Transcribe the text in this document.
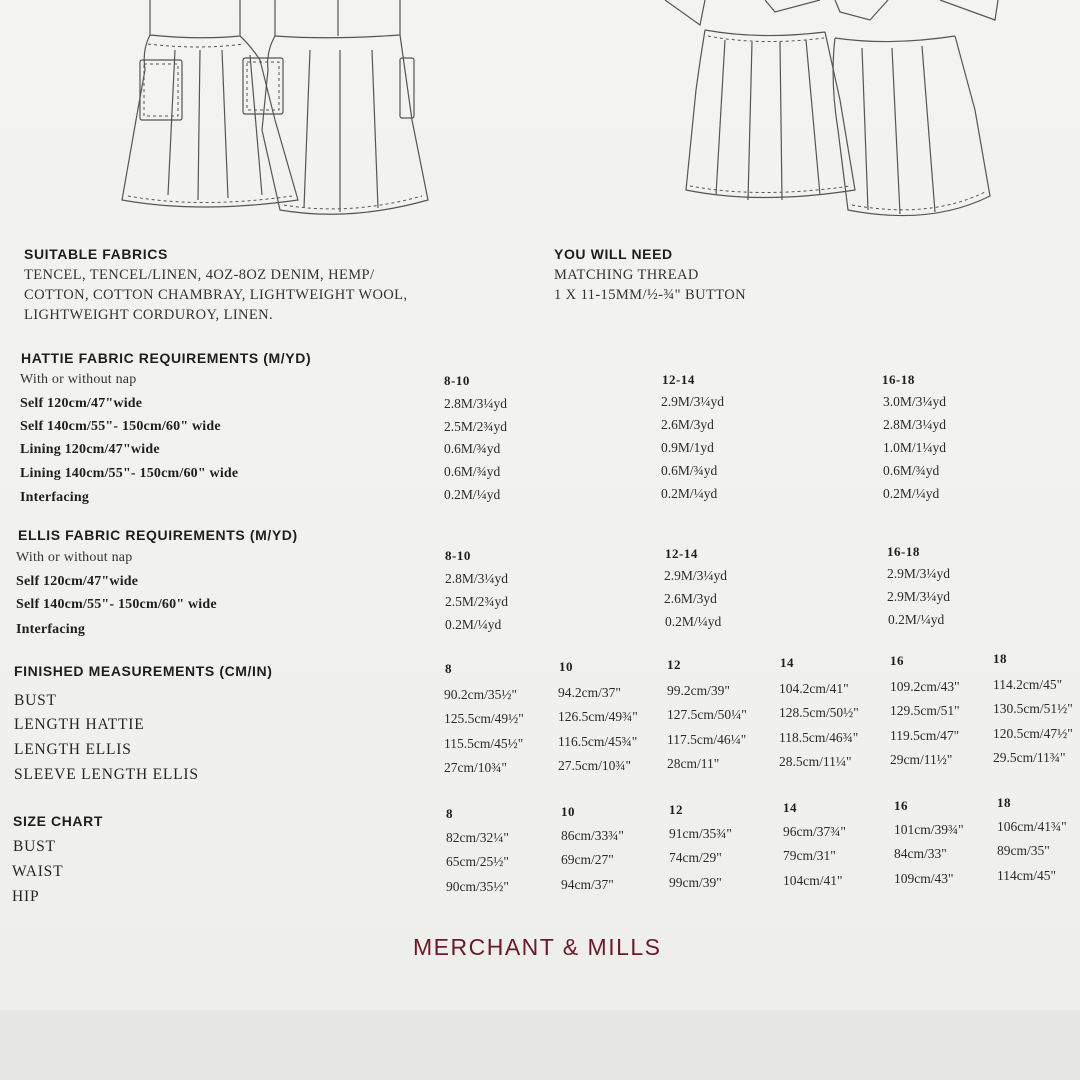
SUITABLE FABRICS
TENCEL, TENCEL/LINEN, 4OZ-8OZ DENIM, HEMP/
COTTON, COTTON CHAMBRAY, LIGHTWEIGHT WOOL,
LIGHTWEIGHT CORDUROY, LINEN.
YOU WILL NEED
MATCHING THREAD
1 X 11-15MM/½-¾" BUTTON
HATTIE FABRIC REQUIREMENTS (M/YD)
With or without nap	8-10	12-14	16-18
Self 120cm/47"wide	2.8M/3¼yd	2.9M/3¼yd	3.0M/3¼yd
Self 140cm/55"- 150cm/60" wide	2.5M/2¾yd	2.6M/3yd	2.8M/3¼yd
Lining 120cm/47"wide	0.6M/¾yd	0.9M/1yd	1.0M/1¼yd
Lining 140cm/55"- 150cm/60" wide	0.6M/¾yd	0.6M/¾yd	0.6M/¾yd
Interfacing	0.2M/¼yd	0.2M/¼yd	0.2M/¼yd
ELLIS FABRIC REQUIREMENTS (M/YD)
With or without nap	8-10	12-14	16-18
Self 120cm/47"wide	2.8M/3¼yd	2.9M/3¼yd	2.9M/3¼yd
Self 140cm/55"- 150cm/60" wide	2.5M/2¾yd	2.6M/3yd	2.9M/3¼yd
Interfacing	0.2M/¼yd	0.2M/¼yd	0.2M/¼yd
FINISHED MEASUREMENTS (CM/IN)	8	10	12	14	16	18
BUST	90.2cm/35½"	94.2cm/37"	99.2cm/39"	104.2cm/41"	109.2cm/43" 114.2cm/45"
LENGTH HATTIE	125.5cm/49½"	126.5cm/49¾" 127.5cm/50¼" 128.5cm/50½" 129.5cm/51" 130.5cm/51½"
LENGTH ELLIS	115.5cm/45½"	116.5cm/45¾" 117.5cm/46¼" 118.5cm/46¾" 119.5cm/47"	120.5cm/47½"
SLEEVE LENGTH ELLIS	27cm/10¾"	27.5cm/10¾"	28cm/11"	28.5cm/11¼"	29cm/11½"	29.5cm/11¾"
SIZE CHART	8	10	12	14	16	18
BUST
82cm/32¼"	86cm/33¾"	91cm/35¾"	96cm/37¾"	101cm/39¾" 106cm/41¾"
WAIST
65cm/25½"	69cm/27"	74cm/29"	79cm/31"	84cm/33"	89cm/35"
HIP
90cm/35½"	94cm/37"	99cm/39"	104cm/41"	109cm/43"	114cm/45"
MERCHANT & MILLS
